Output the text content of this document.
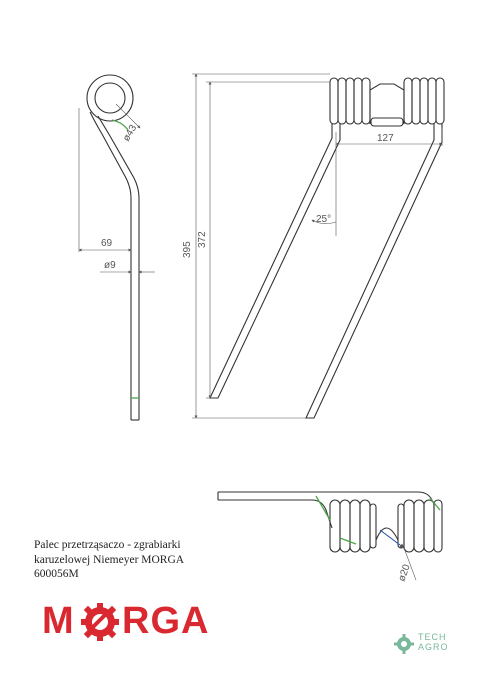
ø43
69
ø9
395
372
127
25°
ø20
Palec przetrząsaczo - zgrabiarki
karuzelowej Niemeyer MORGA
600056M
M RGA	TECH
AGRO
